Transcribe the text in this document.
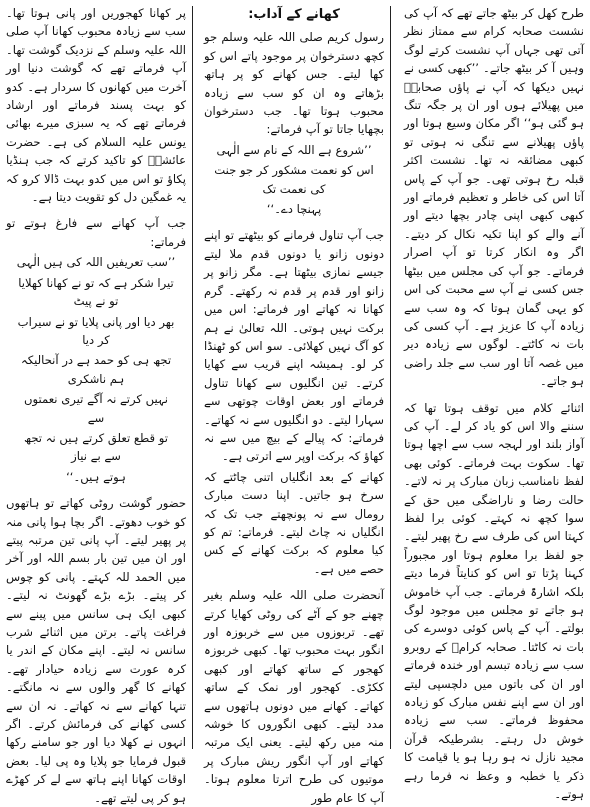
طرح کھل کر بیٹھ جاتے تھے کہ آپ کی نشست صحابہ کرام سے ممتاز نظر آتی تھی جہاں آپ نشست کرتے لوگ وہیں آ کر بیٹھ جاتے۔ ’’کبھی کسی نے نہیں دیکھا کہ آپ نے پاؤں صحابہؓ میں پھیلائے ہوں اور ان پر جگہ تنگ ہو گئی ہو‘‘ اگر مکان وسیع ہوتا اور پاؤں پھیلانے سے تنگی نہ ہوتی تو کبھی مضائقہ نہ تھا۔ نشست اکثر قبلہ رخ ہوتی تھی۔ جو آپ کے پاس آتا اس کی خاطر و تعظیم فرماتے اور کبھی کبھی اپنی چادر بچھا دیتے اور آنے والے کو اپنا تکیہ نکال کر دیتے۔ اگر وہ انکار کرتا تو آپ اصرار فرماتے۔ جو آپ کی مجلس میں بیٹھا جس کسی نے آپ سے محبت کی اس کو یہی گمان ہوتا کہ وہ سب سے زیادہ آپ کا عزیز ہے۔ آپ کسی کی بات نہ کاٹتے۔ لوگوں سے زیادہ دیر میں غصہ آتا اور سب سے جلد راضی ہو جاتے۔

اثنائے کلام میں توقف ہوتا تھا کہ سننے والا اس کو یاد کر لے۔ آپ کی آواز بلند اور لہجہ سب سے اچھا ہوتا تھا۔ سکوت بہت فرماتے۔ کوئی بھی لفظ نامناسب زبان مبارک پر نہ لاتے۔ حالت رضا و ناراضگی میں حق کے سوا کچھ نہ کہتے۔ کوئی برا لفظ کہتا اس کی طرف سے رخ پھیر لیتے۔ جو لفظ برا معلوم ہوتا اور مجبوراً کہنا پڑتا تو اس کو کنایتاً فرما دیتے بلکہ اشارۃً فرماتے۔ جب آپ خاموش ہو جاتے تو مجلس میں موجود لوگ بولتے۔ آپ کے پاس کوئی دوسرے کی بات نہ کاٹتا۔ صحابہ کرامؓ کے روبرو سب سے زیادہ تبسم اور خندہ فرماتے اور ان کی باتوں میں دلچسپی لیتے اور ان سے اپنے نفس مبارک کو زیادہ محفوظ فرماتے۔ سب سے زیادہ خوش دل رہتے۔ بشرطیکہ قرآن مجید نازل نہ ہو رہا ہو یا قیامت کا ذکر یا خطبہ و وعظ نہ فرما رہے ہوتے۔

کھانے کے آداب:

رسول کریم صلی اللہ علیہ وسلم جو کچھ دسترخوان پر موجود پاتے اس کو کھا لیتے۔ جس کھانے کو پر ہاتھ بڑھاتے وہ ان کو سب سے زیادہ محبوب ہوتا تھا۔ جب دسترخوان بچھایا جاتا تو آپ فرماتے:

’’شروع ہے اللہ کے نام سے الٰہی
اس کو نعمت مشکور کر جو جنت کی نعمت تک
پہنچا دے۔‘‘

جب آپ تناول فرمانے کو بیٹھتے تو اپنے دونوں زانو یا دونوں قدم ملا لیتے جیسے نمازی بیٹھتا ہے۔ مگر زانو پر زانو اور قدم پر قدم نہ رکھتے۔ گرم کھانا نہ کھاتے اور فرماتے: اس میں برکت نہیں ہوتی۔ اللہ تعالیٰ نے ہم کو آگ نہیں کھلائی۔ سو اس کو ٹھنڈا کر لو۔ ہمیشہ اپنے قریب سے کھایا کرتے۔ تین انگلیوں سے کھانا تناول فرماتے اور بعض اوقات چوتھی سے سہارا لیتے۔ دو انگلیوں سے نہ کھاتے۔ فرماتے: کہ پیالے کے بیچ میں سے نہ کھاؤ کہ برکت اوپر سے اترتی ہے۔

کھانے کے بعد انگلیاں اتنی چاٹتے کہ سرخ ہو جاتیں۔ اپنا دست مبارک رومال سے نہ پونچھتے جب تک کہ انگلیاں نہ چاٹ لیتے۔ فرماتے: تم کو کیا معلوم کہ برکت کھانے کے کس حصے میں ہے۔

آنحضرت صلی اللہ علیہ وسلم بغیر چھنے جو کے آٹے کی روٹی کھایا کرتے تھے۔ تربوزوں میں سے خربوزہ اور انگور بہت محبوب تھا۔ کبھی خربوزہ کھجور کے ساتھ کھاتے اور کبھی ککڑی۔ کھجور اور نمک کے ساتھ کھاتے۔ کھانے میں دونوں ہاتھوں سے مدد لیتے۔ کبھی انگوروں کا خوشہ منہ میں رکھ لیتے۔ یعنی ایک مرتبہ کھاتے اور آپ انگور ریش مبارک پر موتیوں کی طرح اترتا معلوم ہوتا۔ آپ کا عام طور

پر کھانا کھجوریں اور پانی ہوتا تھا۔ سب سے زیادہ محبوب کھانا آپ صلی اللہ علیہ وسلم کے نزدیک گوشت تھا۔ آپ فرماتے تھے کہ گوشت دنیا اور آخرت میں کھانوں کا سردار ہے۔ کدو کو بہت پسند فرماتے اور ارشاد فرماتے تھے کہ یہ سبزی میرے بھائی یونس علیہ السلام کی ہے۔ حضرت عائشہؓ کو تاکید کرتے کہ جب ہنڈیا پکاؤ تو اس میں کدو بہت ڈالا کرو کہ یہ غمگین دل کو تقویت دیتا ہے۔

جب آپ کھانے سے فارغ ہوتے تو فرماتے:

’’سب تعریفیں اللہ کی ہیں الٰہی
تیرا شکر ہے کہ تو نے کھانا کھلایا تو نے پیٹ
بھر دیا اور پانی پلایا تو نے سیراب کر دیا
تجھ ہی کو حمد ہے در آنحالیکہ ہم ناشکری
نہیں کرتے نہ آگے تیری نعمتوں سے
تو قطع تعلق کرتے ہیں نہ تجھ سے بے نیاز
ہوتے ہیں۔‘‘

حضور گوشت روٹی کھاتے تو ہاتھوں کو خوب دھوتے۔ اگر بچا ہوا پانی منہ پر پھیر لیتے۔ آپ پانی تین مرتبہ پیتے اور ان میں تین بار بسم اللہ اور آخر میں الحمد للہ کہتے۔ پانی کو چوس کر پیتے۔ بڑے بڑے گھونٹ نہ لیتے۔ کبھی ایک ہی سانس میں پینے سے فراغت پاتے۔ برتن میں اثنائے شرب سانس نہ لیتے۔ اپنے مکان کے اندر یا کرہ عورت سے زیادہ حیادار تھے۔ کھانے کا گھر والوں سے نہ مانگتے۔ تنہا کھانے سے نہ کھاتے۔ نہ ان سے کسی کھانے کی فرمائش کرتے۔ اگر انہوں نے کھلا دیا اور جو سامنے رکھا قبول فرمایا جو پلایا وہ پی لیا۔ بعض اوقات کھانا اپنے ہاتھ سے لے کر کھڑے ہو کر پی لیتے تھے۔
